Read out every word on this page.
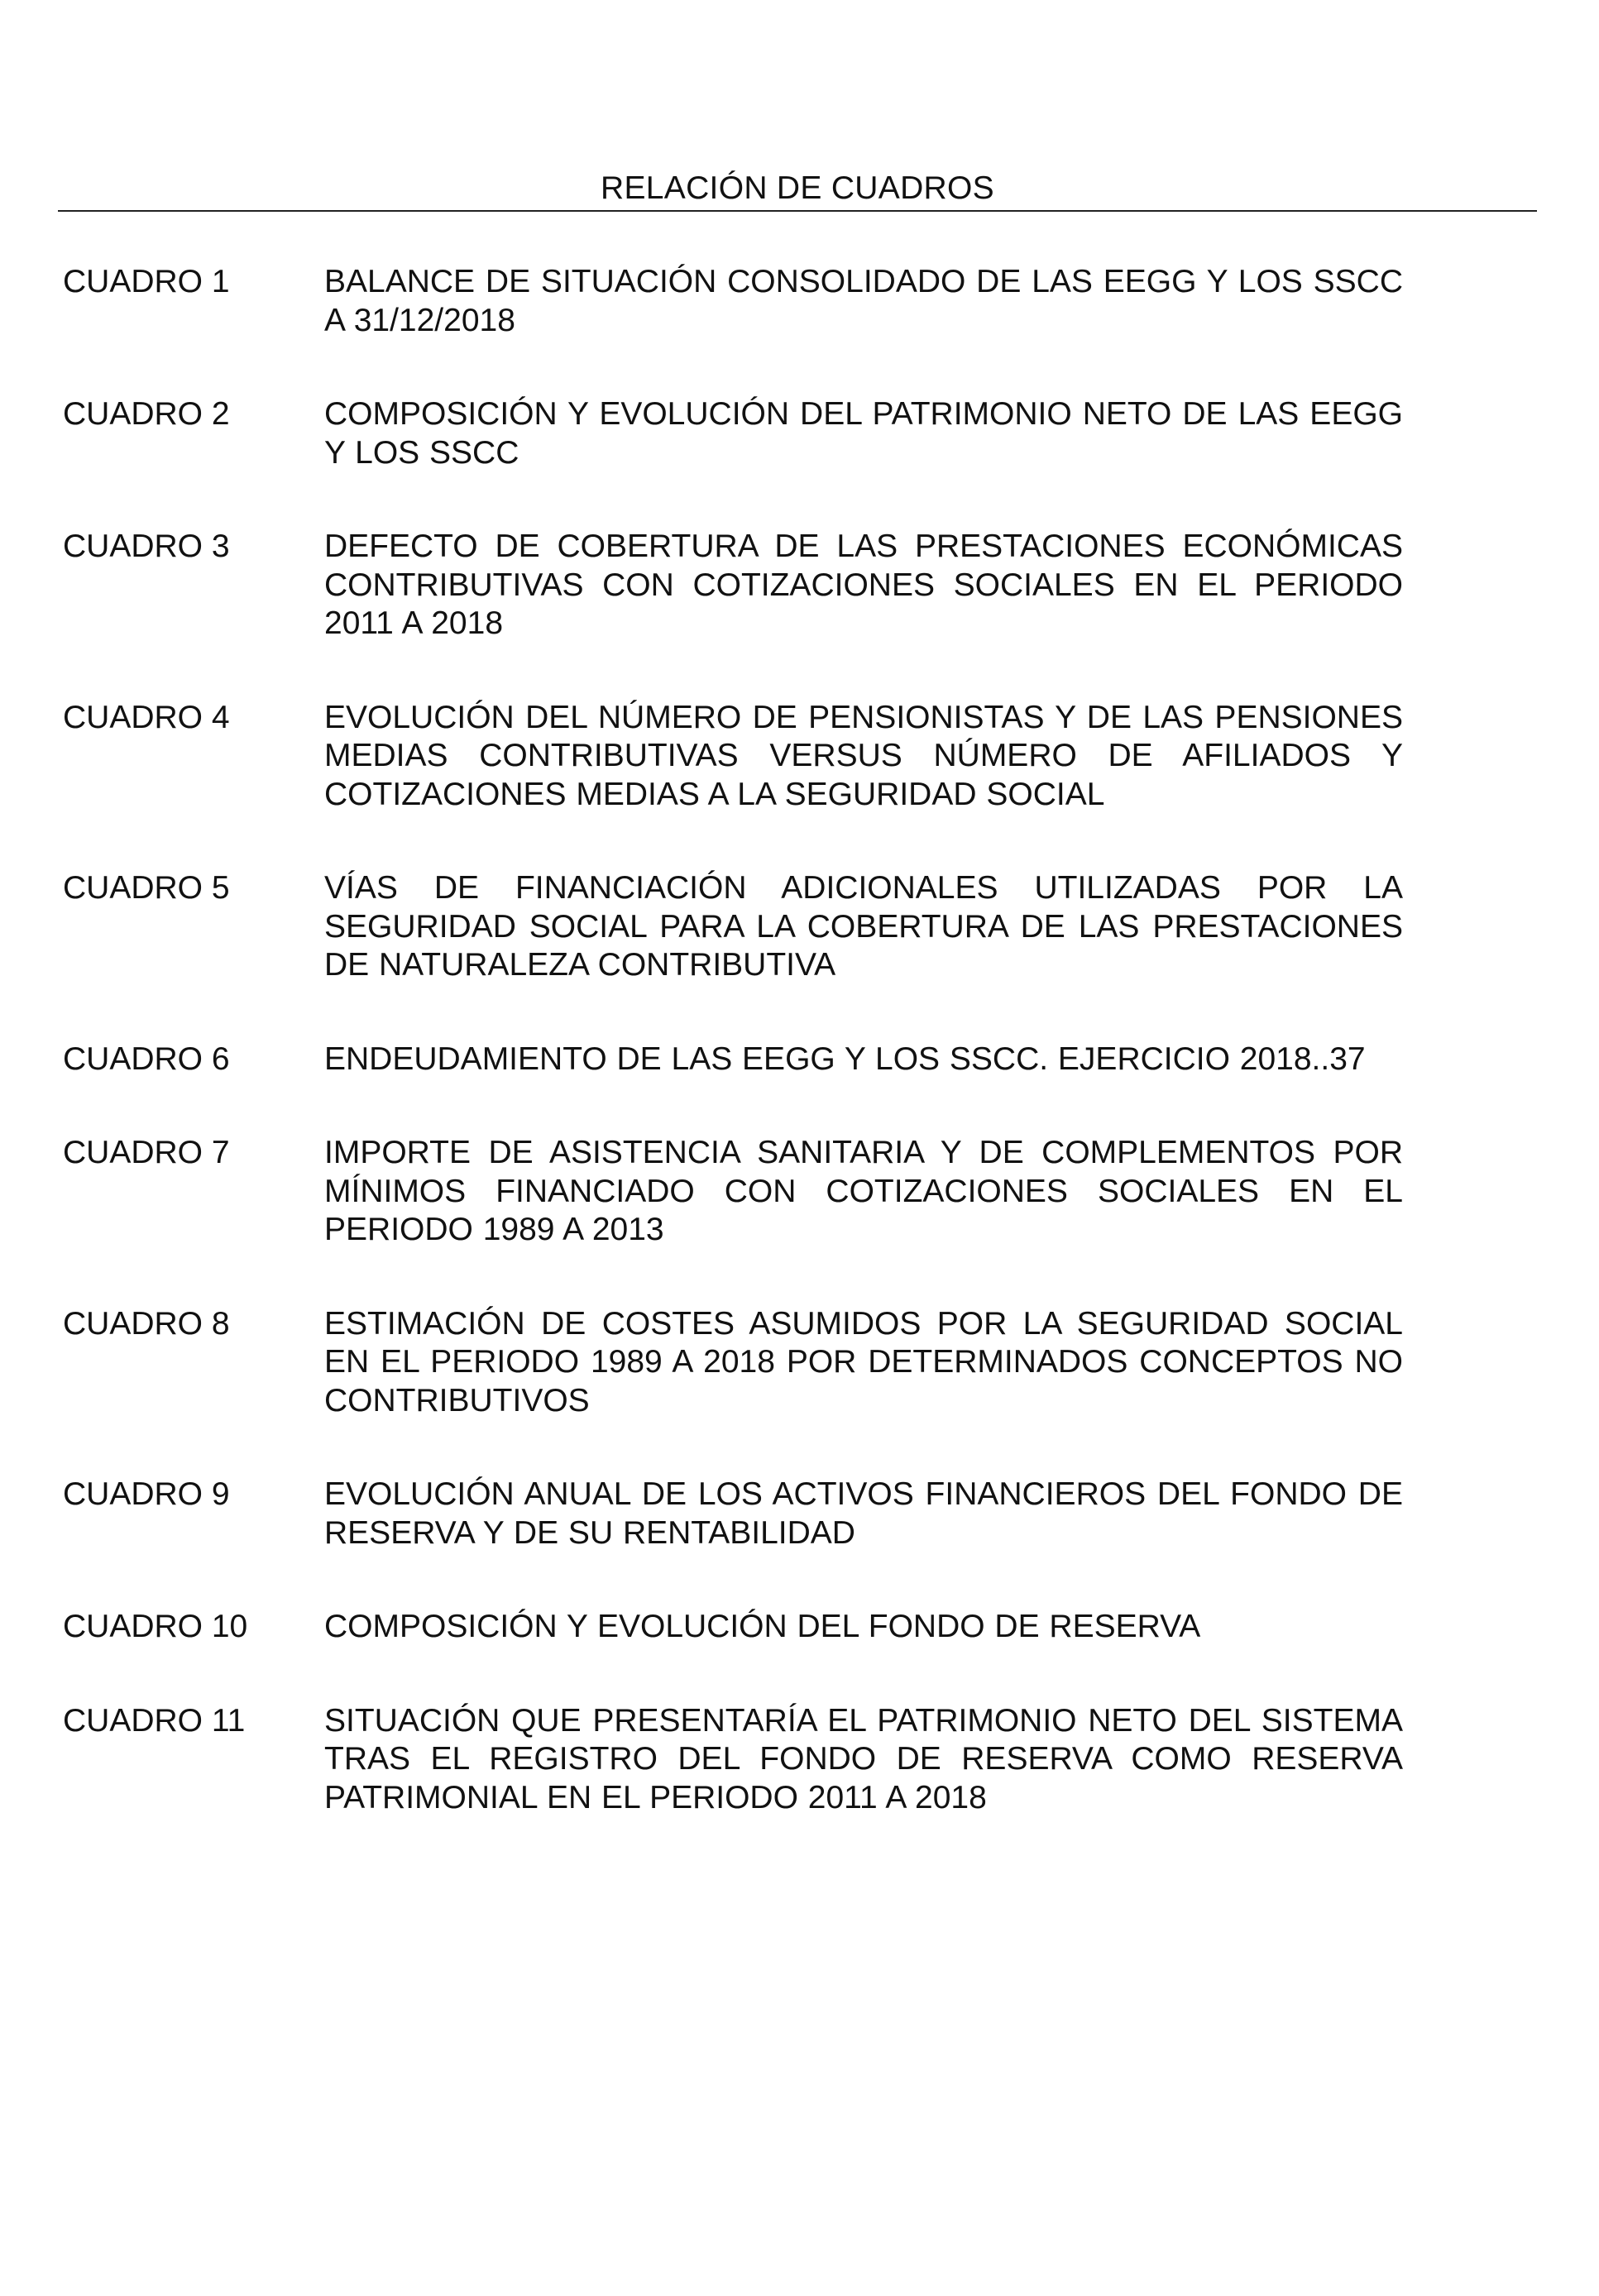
RELACIÓN DE CUADROS
CUADRO 1	BALANCE DE SITUACIÓN CONSOLIDADO DE LAS EEGG Y LOS SSCC A 31/12/2018
CUADRO 2	COMPOSICIÓN Y EVOLUCIÓN DEL PATRIMONIO NETO DE LAS EEGG Y LOS SSCC
CUADRO 3	DEFECTO DE COBERTURA DE LAS PRESTACIONES ECONÓMICAS CONTRIBUTIVAS CON COTIZACIONES SOCIALES EN EL PERIODO 2011 A 2018
CUADRO 4	EVOLUCIÓN DEL NÚMERO DE PENSIONISTAS Y DE LAS PENSIONES MEDIAS CONTRIBUTIVAS VERSUS NÚMERO DE AFILIADOS Y COTIZACIONES MEDIAS A LA SEGURIDAD SOCIAL
CUADRO 5	VÍAS DE FINANCIACIÓN ADICIONALES UTILIZADAS POR LA SEGURIDAD SOCIAL PARA LA COBERTURA DE LAS PRESTACIONES DE NATURALEZA CONTRIBUTIVA
CUADRO 6	ENDEUDAMIENTO DE LAS EEGG Y LOS SSCC. EJERCICIO 2018..37
CUADRO 7	IMPORTE DE ASISTENCIA SANITARIA Y DE COMPLEMENTOS POR MÍNIMOS FINANCIADO CON COTIZACIONES SOCIALES EN EL PERIODO 1989 A 2013
CUADRO 8	ESTIMACIÓN DE COSTES ASUMIDOS POR LA SEGURIDAD SOCIAL EN EL PERIODO 1989 A 2018 POR DETERMINADOS CONCEPTOS NO CONTRIBUTIVOS
CUADRO 9	EVOLUCIÓN ANUAL DE LOS ACTIVOS FINANCIEROS DEL FONDO DE RESERVA Y DE SU RENTABILIDAD
CUADRO 10	COMPOSICIÓN Y EVOLUCIÓN DEL FONDO DE RESERVA
CUADRO 11	SITUACIÓN QUE PRESENTARÍA EL PATRIMONIO NETO DEL SISTEMA TRAS EL REGISTRO DEL FONDO DE RESERVA COMO RESERVA PATRIMONIAL EN EL PERIODO 2011 A 2018
